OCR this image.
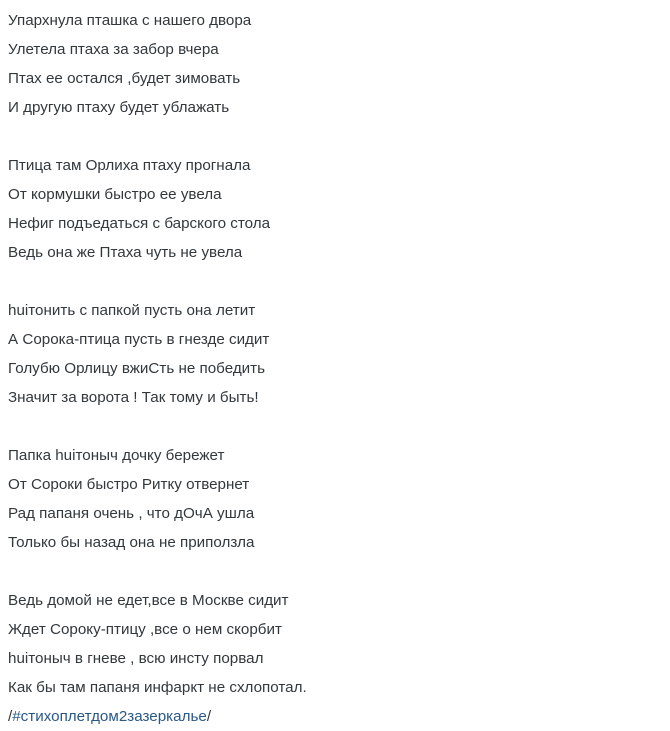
Упархнула пташка с нашего двора
Улетела птаха за забор вчера
Птах ее остался ,будет зимовать
И другую птаху будет ублажать
Птица там Орлиха птаху прогнала
От кормушки быстро ее увела
Нефиг подъедаться с барского стола
Ведь она же Птаха чуть не увела
huiтонить с папкой пусть она летит
А Сорока-птица пусть в гнезде сидит
Голубю Орлицу вжиСть не победить
Значит за ворота ! Так тому и быть!
Папка huiтоныч дочку бережет
От Сороки быстро Ритку отвернет
Рад папаня очень , что дОчА ушла
Только бы назад она не приползла
Ведь домой не едет,все в Москве сидит
Ждет Сороку-птицу ,все о нем скорбит
huiтоныч в гневе , всю инсту порвал
Как бы там папаня инфаркт не схлопотал.
/#стихоплетдом2зазеркалье/
